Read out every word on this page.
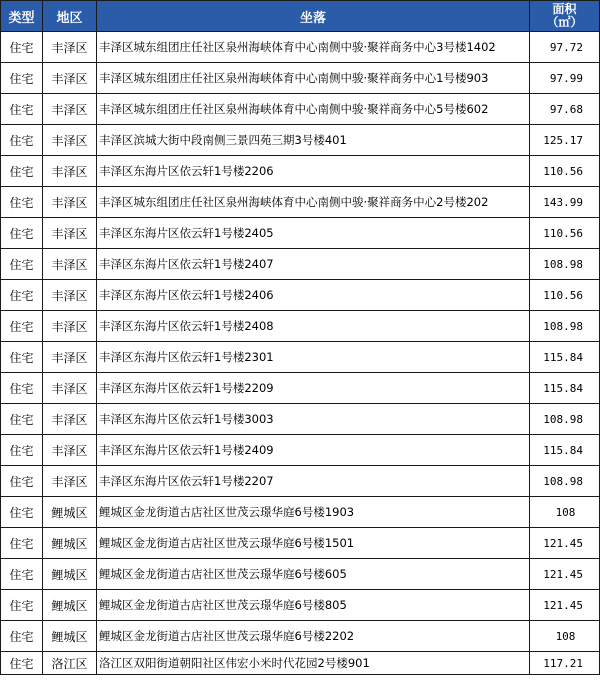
类型	地区	坐落	面积
（㎡）
住宅	丰泽区	丰泽区城东组团庄任社区泉州海峡体育中心南侧中骏·聚祥商务中心3号楼1402	97.72
住宅	丰泽区	丰泽区城东组团庄任社区泉州海峡体育中心南侧中骏·聚祥商务中心1号楼903	97.99
住宅	丰泽区	丰泽区城东组团庄任社区泉州海峡体育中心南侧中骏·聚祥商务中心5号楼602	97.68
住宅	丰泽区	丰泽区滨城大街中段南侧三景四苑三期3号楼401	125.17
住宅	丰泽区	丰泽区东海片区依云轩1号楼2206	110.56
住宅	丰泽区	丰泽区城东组团庄任社区泉州海峡体育中心南侧中骏·聚祥商务中心2号楼202	143.99
住宅	丰泽区	丰泽区东海片区依云轩1号楼2405	110.56
住宅	丰泽区	丰泽区东海片区依云轩1号楼2407	108.98
住宅	丰泽区	丰泽区东海片区依云轩1号楼2406	110.56
住宅	丰泽区	丰泽区东海片区依云轩1号楼2408	108.98
住宅	丰泽区	丰泽区东海片区依云轩1号楼2301	115.84
住宅	丰泽区	丰泽区东海片区依云轩1号楼2209	115.84
住宅	丰泽区	丰泽区东海片区依云轩1号楼3003	108.98
住宅	丰泽区	丰泽区东海片区依云轩1号楼2409	115.84
住宅	丰泽区	丰泽区东海片区依云轩1号楼2207	108.98
住宅	鲤城区	鲤城区金龙街道古店社区世茂云璟华庭6号楼1903	108
住宅	鲤城区	鲤城区金龙街道古店社区世茂云璟华庭6号楼1501	121.45
住宅	鲤城区	鲤城区金龙街道古店社区世茂云璟华庭6号楼605	121.45
住宅	鲤城区	鲤城区金龙街道古店社区世茂云璟华庭6号楼805	121.45
住宅	鲤城区	鲤城区金龙街道古店社区世茂云璟华庭6号楼2202	108
住宅	洛江区	洛江区双阳街道朝阳社区伟宏小米时代花园2号楼901	117.21
